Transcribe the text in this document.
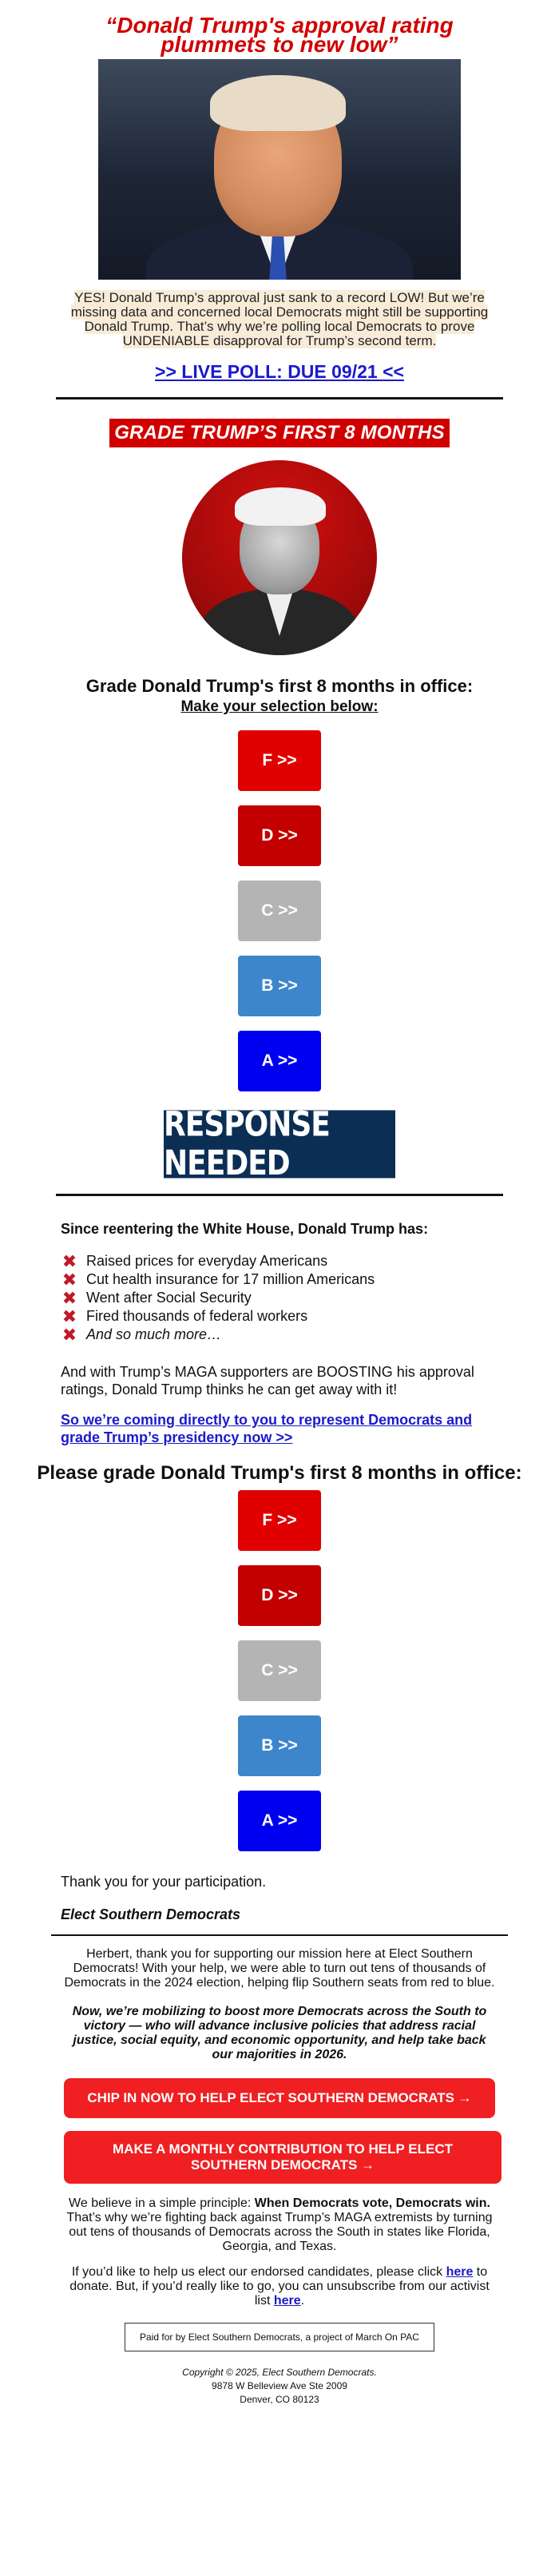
“Donald Trump's approval rating plummets to new low”
YES! Donald Trump’s approval just sank to a record LOW! But we’re missing data and concerned local Democrats might still be supporting Donald Trump. That’s why we’re polling local Democrats to prove UNDENIABLE disapproval for Trump’s second term.
>> LIVE POLL: DUE 09/21 <<
GRADE TRUMP’S FIRST 8 MONTHS
Grade Donald Trump's first 8 months in office:
Make your selection below:
F >>
D >>
C >>
B >>
A >>
RESPONSE NEEDED
Since reentering the White House, Donald Trump has:
✖ Raised prices for everyday Americans
✖ Cut health insurance for 17 million Americans
✖ Went after Social Security
✖ Fired thousands of federal workers
✖ And so much more…
And with Trump’s MAGA supporters are BOOSTING his approval ratings, Donald Trump thinks he can get away with it!
So we’re coming directly to you to represent Democrats and grade Trump’s presidency now >>
Please grade Donald Trump's first 8 months in office:
F >>
D >>
C >>
B >>
A >>
Thank you for your participation.
Elect Southern Democrats
Herbert, thank you for supporting our mission here at Elect Southern Democrats! With your help, we were able to turn out tens of thousands of Democrats in the 2024 election, helping flip Southern seats from red to blue.
Now, we’re mobilizing to boost more Democrats across the South to victory — who will advance inclusive policies that address racial justice, social equity, and economic opportunity, and help take back our majorities in 2026.
CHIP IN NOW TO HELP ELECT SOUTHERN DEMOCRATS →
MAKE A MONTHLY CONTRIBUTION TO HELP ELECT SOUTHERN DEMOCRATS →
We believe in a simple principle: When Democrats vote, Democrats win. That’s why we’re fighting back against Trump’s MAGA extremists by turning out tens of thousands of Democrats across the South in states like Florida, Georgia, and Texas.
If you’d like to help us elect our endorsed candidates, please click here to donate. But, if you’d really like to go, you can unsubscribe from our activist list here.
Paid for by Elect Southern Democrats, a project of March On PAC
Copyright © 2025, Elect Southern Democrats.
9878 W Belleview Ave Ste 2009
Denver, CO 80123
